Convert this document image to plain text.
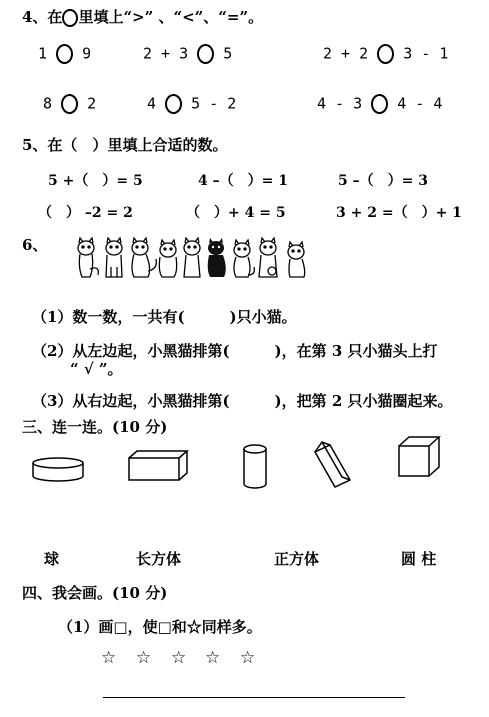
4、在 里填上“>” 、“<”、“=”。
1 9	2 + 3 5	2 + 2 3 - 1
8 2	4 5 - 2	4 - 3 4 - 4
5、在（　）里填上合适的数。
5 +（　）= 5	4 –（　）= 1	5 –（　）= 3
（　） –2 = 2	（　）+ 4 = 5	3 + 2 =（　）+ 1
6、
（1）数一数，一共有(　　　)只小猫。
（2）从左边起，小黑猫排第(　　　)，在第 3 只小猫头上打
“ √ ”。
（3）从右边起，小黑猫排第(　　　)，把第 2 只小猫圈起来。
三、连一连。(10 分)
球	长方体	正方体	圆 柱
四、我会画。(10 分)
（1）画□，使□和☆同样多。
☆ ☆ ☆ ☆ ☆
